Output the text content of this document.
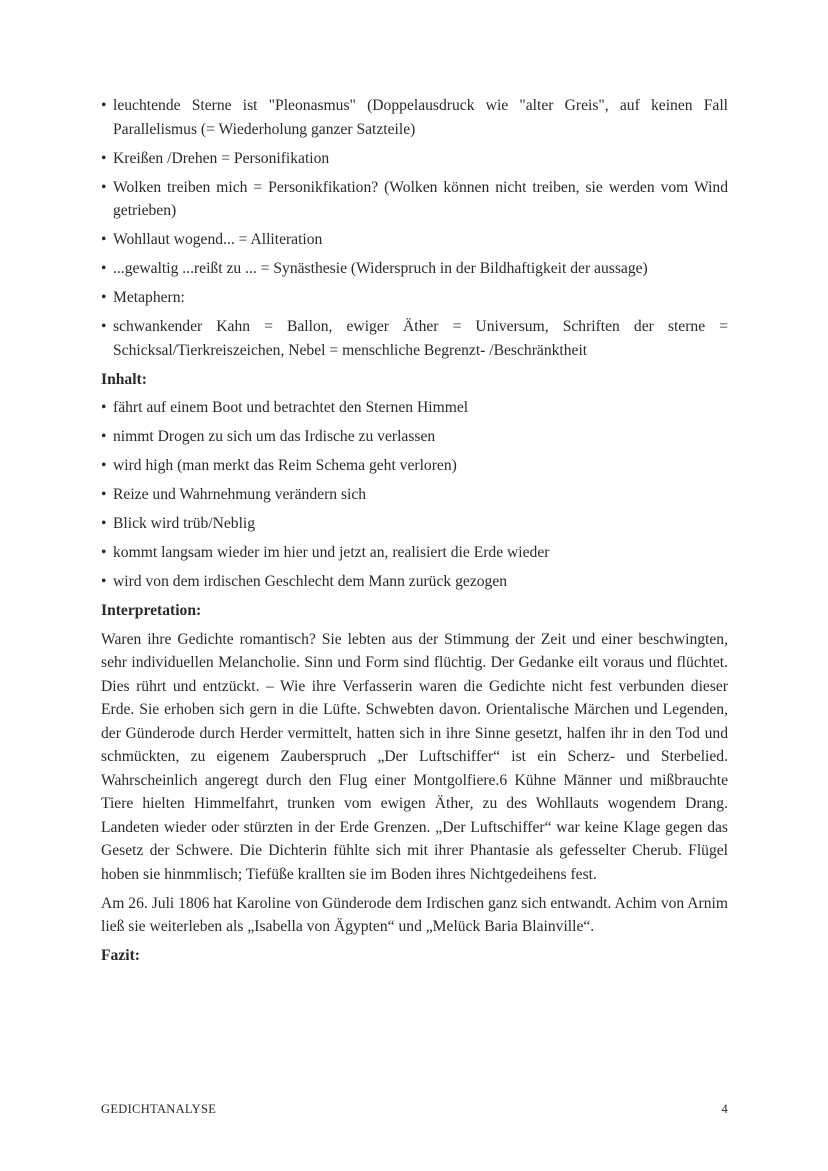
• leuchtende Sterne ist "Pleonasmus" (Doppelausdruck wie "alter Greis", auf keinen Fall Parallelismus (= Wiederholung ganzer Satzteile)
• Kreißen /Drehen = Personifikation
• Wolken treiben mich = Personikfikation? (Wolken können nicht treiben, sie werden vom Wind getrieben)
• Wohllaut wogend... = Alliteration
• ...gewaltig ...reißt zu ... = Synästhesie (Widerspruch in der Bildhaftigkeit der aussage)
• Metaphern:
• schwankender Kahn = Ballon, ewiger Äther = Universum, Schriften der sterne = Schicksal/Tierkreiszeichen, Nebel = menschliche Begrenzt- /Beschränktheit
Inhalt:
• fährt auf einem Boot und betrachtet den Sternen Himmel
• nimmt Drogen zu sich um das Irdische zu verlassen
• wird high (man merkt das Reim Schema geht verloren)
• Reize und Wahrnehmung verändern sich
• Blick wird trüb/Neblig
• kommt langsam wieder im hier und jetzt an, realisiert die Erde wieder
• wird von dem irdischen Geschlecht dem Mann zurück gezogen
Interpretation:

Waren ihre Gedichte romantisch? Sie lebten aus der Stimmung der Zeit und einer beschwingten, sehr individuellen Melancholie. Sinn und Form sind flüchtig. Der Gedanke eilt voraus und flüchtet. Dies rührt und entzückt. – Wie ihre Verfasserin waren die Gedichte nicht fest verbunden dieser Erde. Sie erhoben sich gern in die Lüfte. Schwebten davon. Orientalische Märchen und Legenden, der Günderode durch Herder vermittelt, hatten sich in ihre Sinne gesetzt, halfen ihr in den Tod und schmückten, zu eigenem Zauberspruch „Der Luftschiffer“ ist ein Scherz- und Sterbelied. Wahrscheinlich angeregt durch den Flug einer Montgolfiere.6 Kühne Männer und mißbrauchte Tiere hielten Himmelfahrt, trunken vom ewigen Äther, zu des Wohllauts wogendem Drang. Landeten wieder oder stürzten in der Erde Grenzen. „Der Luftschiffer“ war keine Klage gegen das Gesetz der Schwere. Die Dichterin fühlte sich mit ihrer Phantasie als gefesselter Cherub. Flügel hoben sie hinmmlisch; Tiefüße krallten sie im Boden ihres Nichtgedeihens fest.

Am 26. Juli 1806 hat Karoline von Günderode dem Irdischen ganz sich entwandt. Achim von Arnim ließ sie weiterleben als „Isabella von Ägypten“ und „Melück Baria Blainville“.

Fazit:
GEDICHTANALYSE	4
